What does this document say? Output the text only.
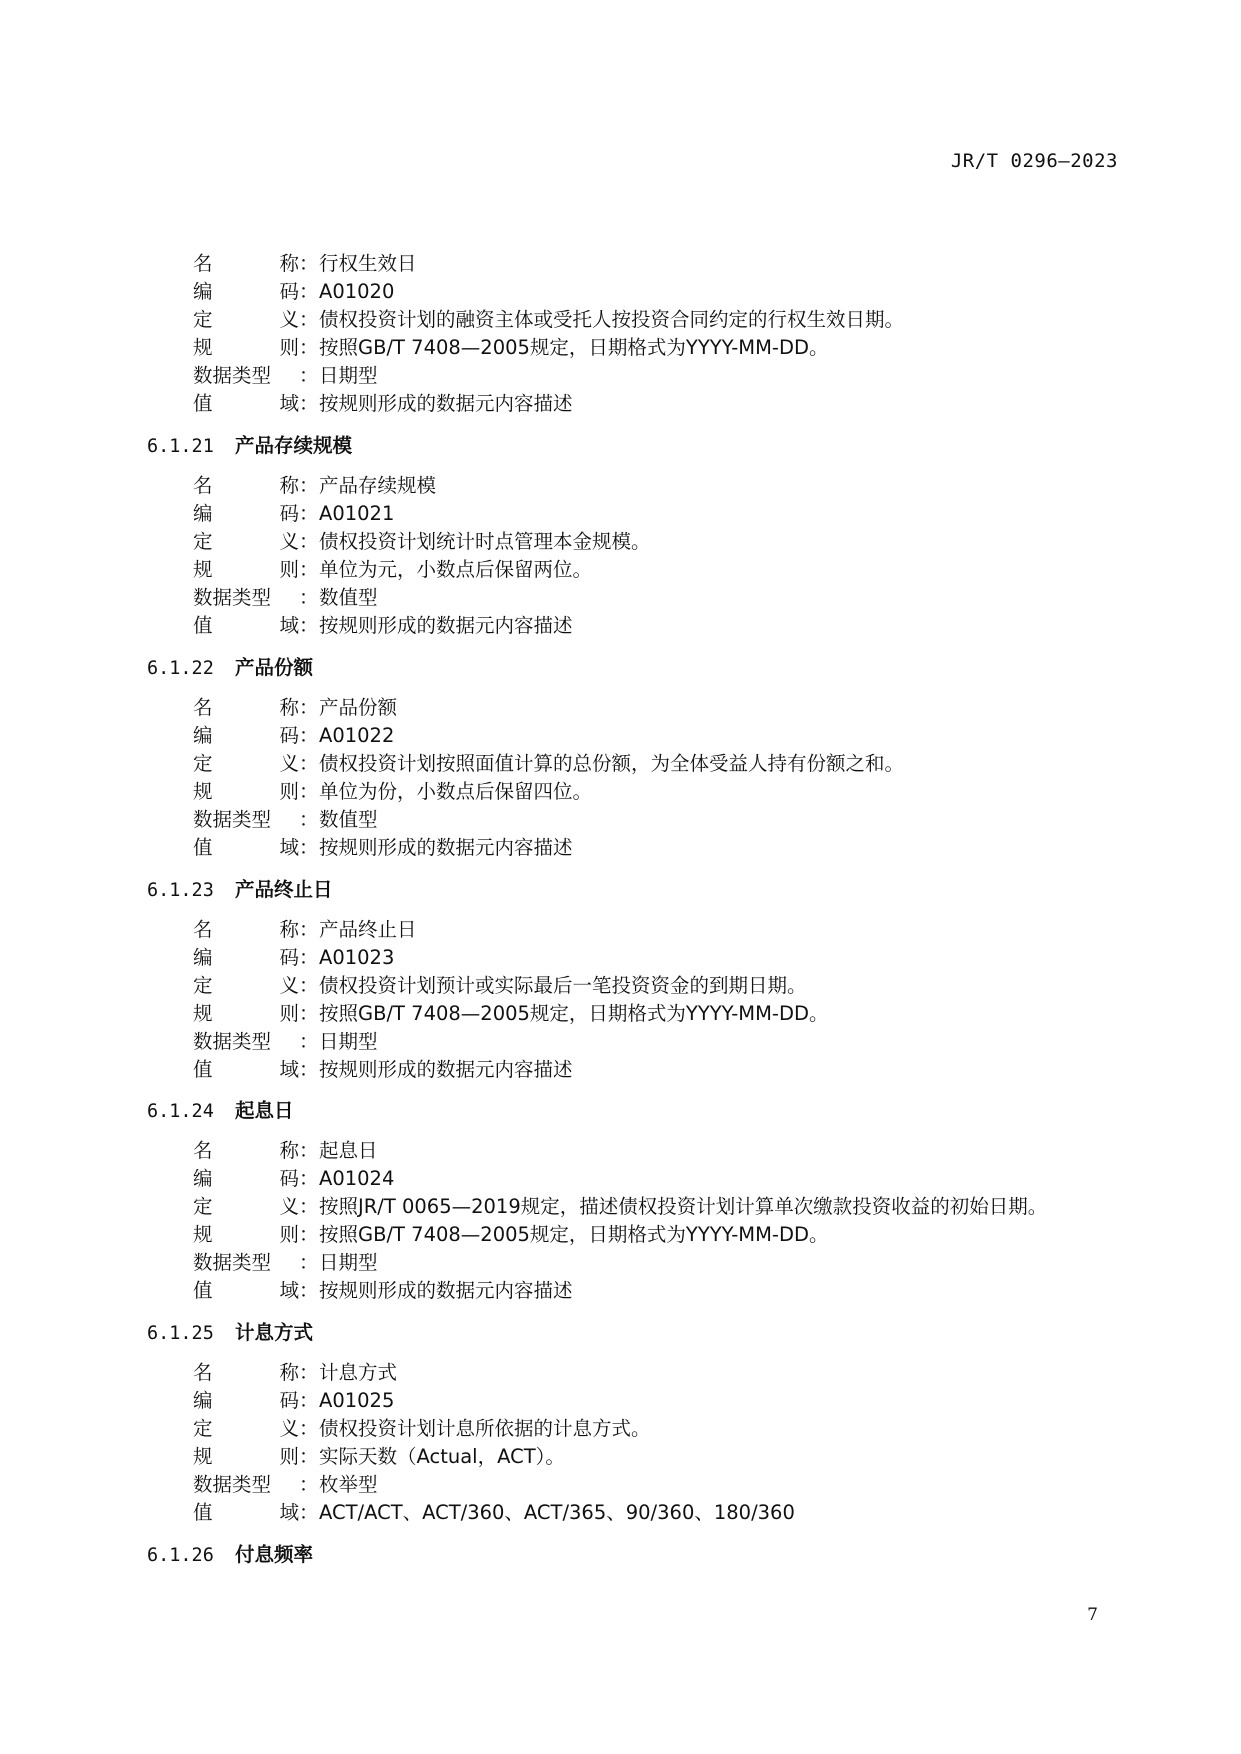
JR/T 0296—2023
名	称 ： 行权生效日
编	码 ： A01020
定	义 ： 债权投资计划的融资主体或受托人按投资合同约定的行权生效日期。
规	则 ： 按照GB/T 7408—2005规定，日期格式为YYYY-MM-DD。
数据类型	： 日期型
值	域 ： 按规则形成的数据元内容描述
6.1.21 产品存续规模
名	称 ： 产品存续规模
编	码 ： A01021
定	义 ： 债权投资计划统计时点管理本金规模。
规	则 ： 单位为元，小数点后保留两位。
数据类型	： 数值型
值	域 ： 按规则形成的数据元内容描述
6.1.22 产品份额
名	称 ： 产品份额
编	码 ： A01022
定	义 ： 债权投资计划按照面值计算的总份额，为全体受益人持有份额之和。
规	则 ： 单位为份，小数点后保留四位。
数据类型	： 数值型
值	域 ： 按规则形成的数据元内容描述
6.1.23 产品终止日
名	称 ： 产品终止日
编	码 ： A01023
定	义 ： 债权投资计划预计或实际最后一笔投资资金的到期日期。
规	则 ： 按照GB/T 7408—2005规定，日期格式为YYYY-MM-DD。
数据类型	： 日期型
值	域 ： 按规则形成的数据元内容描述
6.1.24 起息日
名	称 ： 起息日
编	码 ： A01024
定	义 ： 按照JR/T 0065—2019规定，描述债权投资计划计算单次缴款投资收益的初始日期。
规	则 ： 按照GB/T 7408—2005规定，日期格式为YYYY-MM-DD。
数据类型	： 日期型
值	域 ： 按规则形成的数据元内容描述
6.1.25 计息方式
名	称 ： 计息方式
编	码 ： A01025
定	义 ： 债权投资计划计息所依据的计息方式。
规	则 ： 实际天数（Actual，ACT）。
数据类型	： 枚举型
值	域 ： ACT/ACT、ACT/360、ACT/365、90/360、180/360
6.1.26 付息频率
7
